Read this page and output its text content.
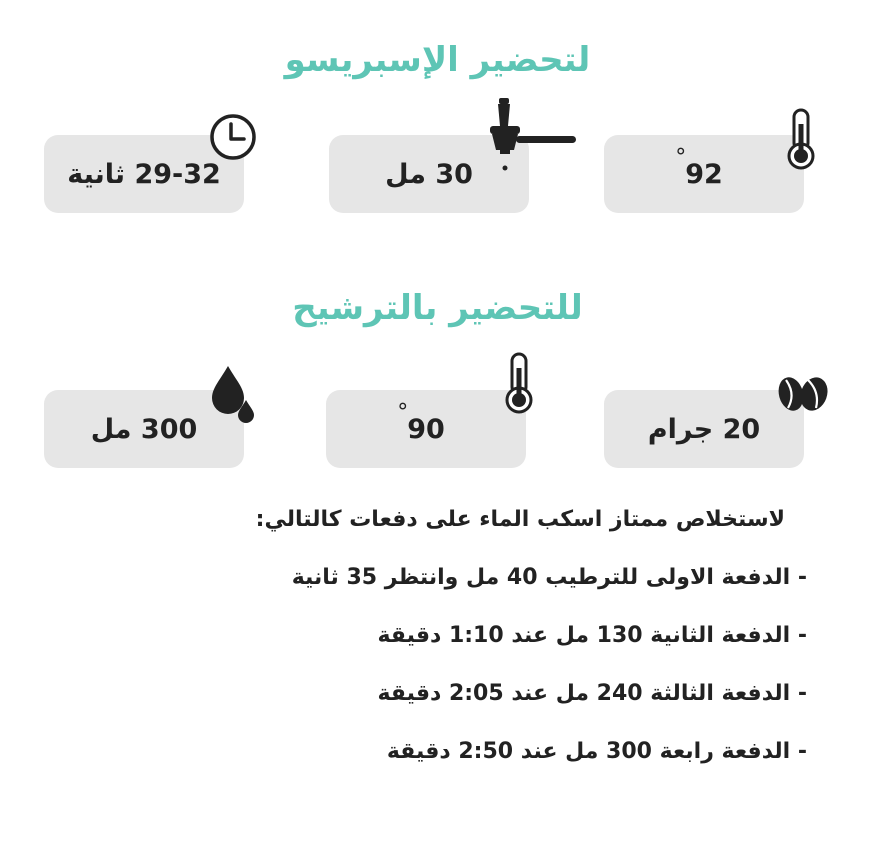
لتحضير الإسبريسو
92 °
30 مل
29-32 ثانية
للتحضير بالترشيح
20 جرام
90 °
300 مل
لاستخلاص ممتاز اسكب الماء على دفعات كالتالي:
- الدفعة الاولى للترطيب 40 مل وانتظر 35 ثانية
- الدفعة الثانية 130 مل عند 1:10 دقيقة
- الدفعة الثالثة 240 مل عند 2:05 دقيقة
- الدفعة رابعة 300 مل عند 2:50 دقيقة
